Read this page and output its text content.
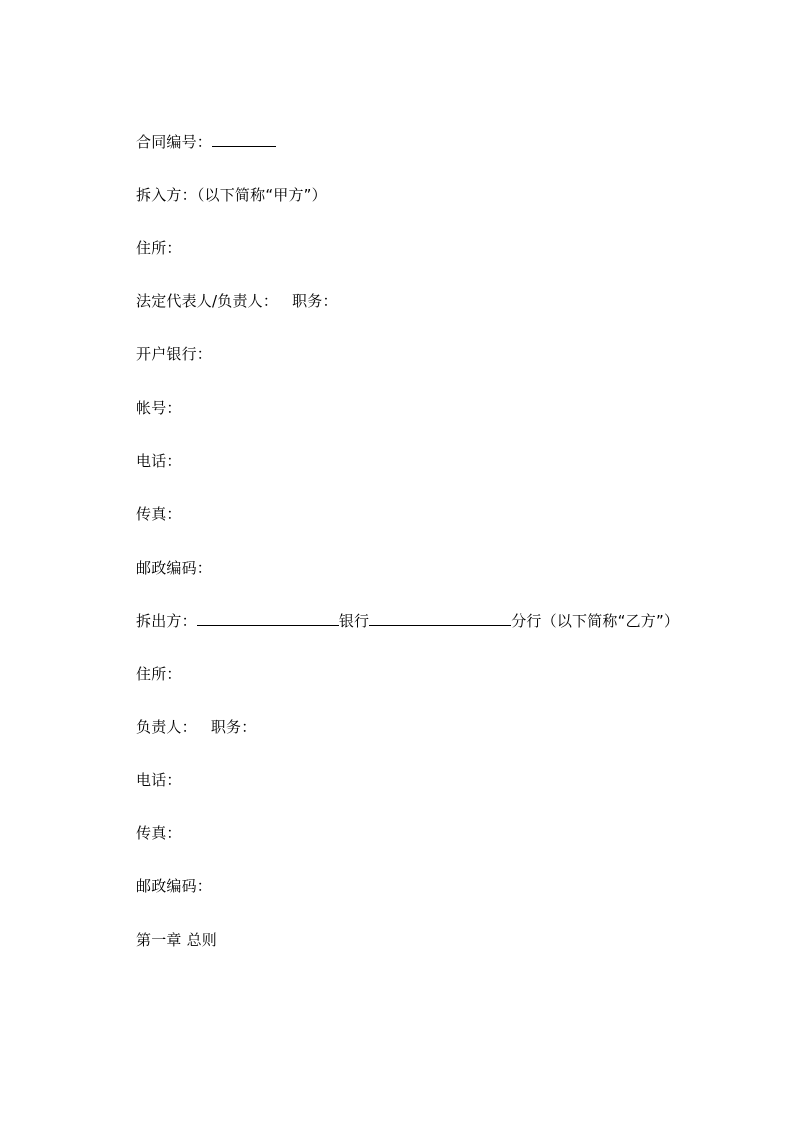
合同编号：
拆入方：（以下简称“甲方”）
住所：
法定代表人/负责人： 职务：
开户银行：
帐号：
电话：
传真：
邮政编码：
拆出方：	银行	分行（以下简称“乙方”）
住所：
负责人： 职务：
电话：
传真：
邮政编码：
第一章 总则
